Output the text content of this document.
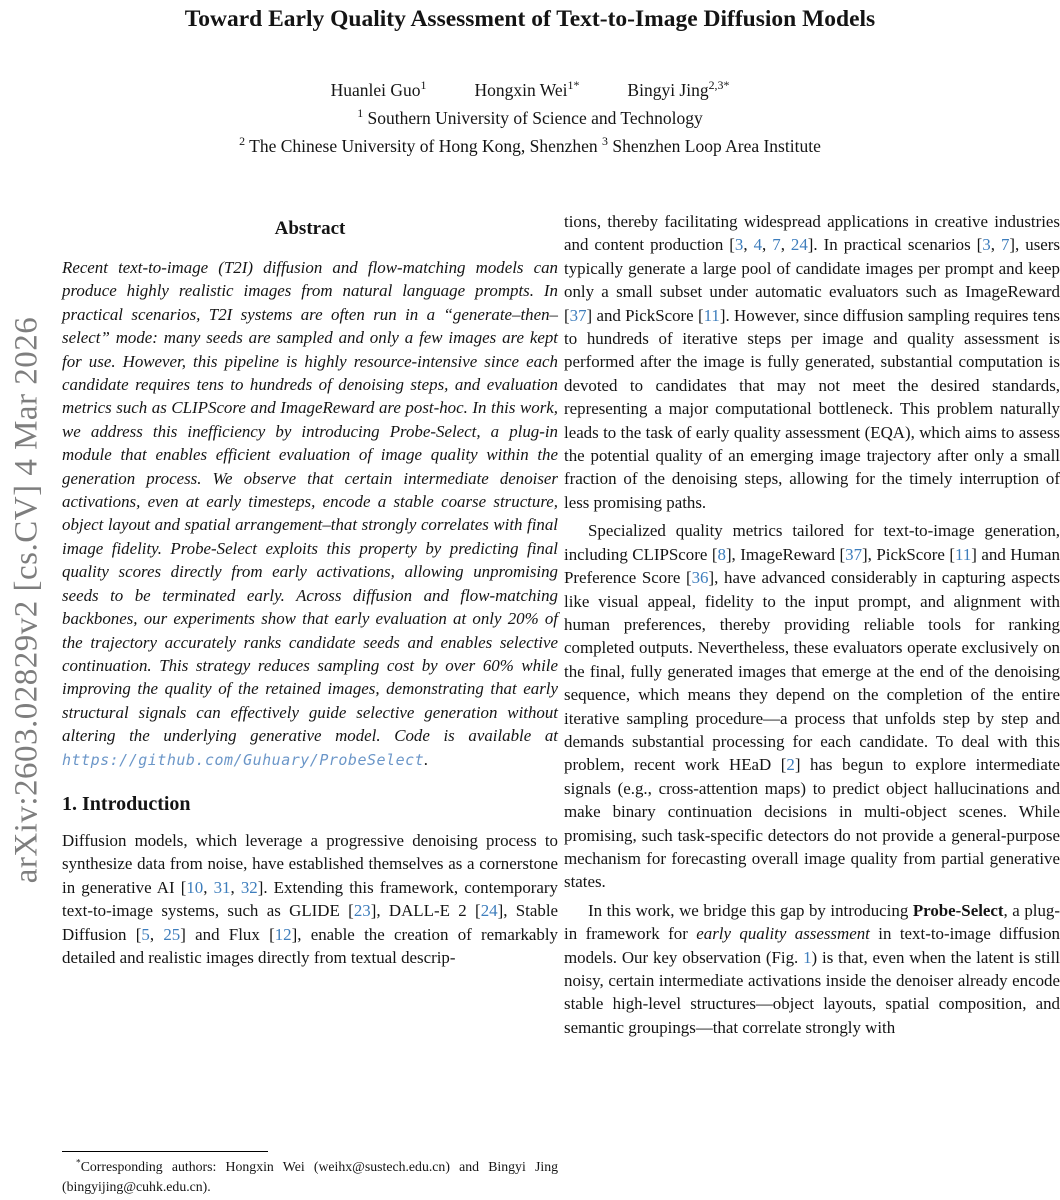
arXiv:2603.02829v2 [cs.CV] 4 Mar 2026
Toward Early Quality Assessment of Text-to-Image Diffusion Models
Huanlei Guo$^1$	Hongxin Wei$^{1*}$	Bingyi Jing$^{2,3*}$
$^1$ Southern University of Science and Technology
$^2$ The Chinese University of Hong Kong, Shenzhen $^3$ Shenzhen Loop Area Institute
Abstract

Recent text-to-image (T2I) diffusion and flow-matching models can produce highly realistic images from natural language prompts. In practical scenarios, T2I systems are often run in a “generate–then–select” mode: many seeds are sampled and only a few images are kept for use. However, this pipeline is highly resource-intensive since each candidate requires tens to hundreds of denoising steps, and evaluation metrics such as CLIPScore and ImageReward are post-hoc. In this work, we address this inefficiency by introducing Probe-Select, a plug-in module that enables efficient evaluation of image quality within the generation process. We observe that certain intermediate denoiser activations, even at early timesteps, encode a stable coarse structure, object layout and spatial arrangement–that strongly correlates with final image fidelity. Probe-Select exploits this property by predicting final quality scores directly from early activations, allowing unpromising seeds to be terminated early. Across diffusion and flow-matching backbones, our experiments show that early evaluation at only 20% of the trajectory accurately ranks candidate seeds and enables selective continuation. This strategy reduces sampling cost by over 60% while improving the quality of the retained images, demonstrating that early structural signals can effectively guide selective generation without altering the underlying generative model. Code is available at https://github.com/Guhuary/ProbeSelect.

1. Introduction

Diffusion models, which leverage a progressive denoising process to synthesize data from noise, have established themselves as a cornerstone in generative AI [10, 31, 32]. Extending this framework, contemporary text-to-image systems, such as GLIDE [23], DALL-E 2 [24], Stable Diffusion [5, 25] and Flux [12], enable the creation of remarkably detailed and realistic images directly from textual descrip-

*Corresponding authors: Hongxin Wei (weihx@sustech.edu.cn) and Bingyi Jing (bingyijing@cuhk.edu.cn).

tions, thereby facilitating widespread applications in creative industries and content production [3, 4, 7, 24]. In practical scenarios [3, 7], users typically generate a large pool of candidate images per prompt and keep only a small subset under automatic evaluators such as ImageReward [37] and PickScore [11]. However, since diffusion sampling requires tens to hundreds of iterative steps per image and quality assessment is performed after the image is fully generated, substantial computation is devoted to candidates that may not meet the desired standards, representing a major computational bottleneck. This problem naturally leads to the task of early quality assessment (EQA), which aims to assess the potential quality of an emerging image trajectory after only a small fraction of the denoising steps, allowing for the timely interruption of less promising paths.

Specialized quality metrics tailored for text-to-image generation, including CLIPScore [8], ImageReward [37], PickScore [11] and Human Preference Score [36], have advanced considerably in capturing aspects like visual appeal, fidelity to the input prompt, and alignment with human preferences, thereby providing reliable tools for ranking completed outputs. Nevertheless, these evaluators operate exclusively on the final, fully generated images that emerge at the end of the denoising sequence, which means they depend on the completion of the entire iterative sampling procedure—a process that unfolds step by step and demands substantial processing for each candidate. To deal with this problem, recent work HEaD [2] has begun to explore intermediate signals (e.g., cross-attention maps) to predict object hallucinations and make binary continuation decisions in multi-object scenes. While promising, such task-specific detectors do not provide a general-purpose mechanism for forecasting overall image quality from partial generative states.

In this work, we bridge this gap by introducing Probe-Select, a plug-in framework for early quality assessment in text-to-image diffusion models. Our key observation (Fig. 1) is that, even when the latent is still noisy, certain intermediate activations inside the denoiser already encode stable high-level structures—object layouts, spatial composition, and semantic groupings—that correlate strongly with
